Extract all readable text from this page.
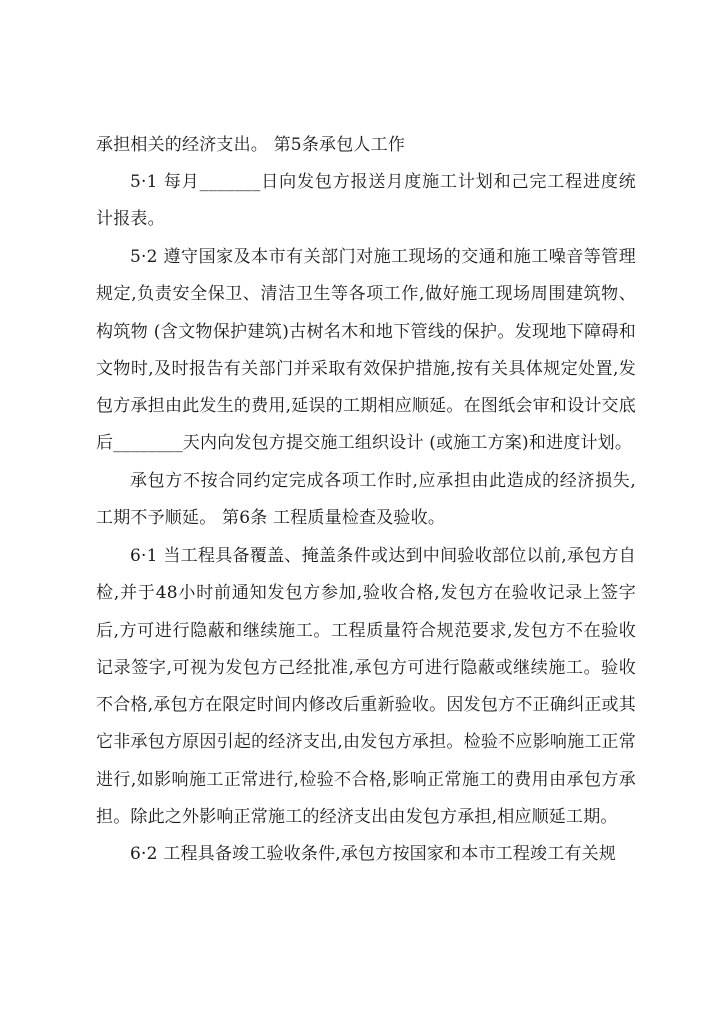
承担相关的经济支出。 第5条承包人工作

5·1 每月_______日向发包方报送月度施工计划和己完工程进度统计报表。

5·2 遵守国家及本市有关部门对施工现场的交通和施工噪音等管理规定,负责安全保卫、清洁卫生等各项工作,做好施工现场周围建筑物、构筑物 (含文物保护建筑)古树名木和地下管线的保护。发现地下障碍和文物时,及时报告有关部门并采取有效保护措施,按有关具体规定处置,发包方承担由此发生的费用,延误的工期相应顺延。在图纸会审和设计交底后________天内向发包方提交施工组织设计 (或施工方案)和进度计划。

承包方不按合同约定完成各项工作时,应承担由此造成的经济损失,工期不予顺延。 第6条 工程质量检查及验收。

6·1 当工程具备覆盖、掩盖条件或达到中间验收部位以前,承包方自检,并于48小时前通知发包方参加,验收合格,发包方在验收记录上签字后,方可进行隐蔽和继续施工。工程质量符合规范要求,发包方不在验收记录签字,可视为发包方己经批准,承包方可进行隐蔽或继续施工。验收不合格,承包方在限定时间内修改后重新验收。因发包方不正确纠正或其它非承包方原因引起的经济支出,由发包方承担。检验不应影响施工正常进行,如影响施工正常进行,检验不合格,影响正常施工的费用由承包方承担。除此之外影响正常施工的经济支出由发包方承担,相应顺延工期。

6·2 工程具备竣工验收条件,承包方按国家和本市工程竣工有关规
